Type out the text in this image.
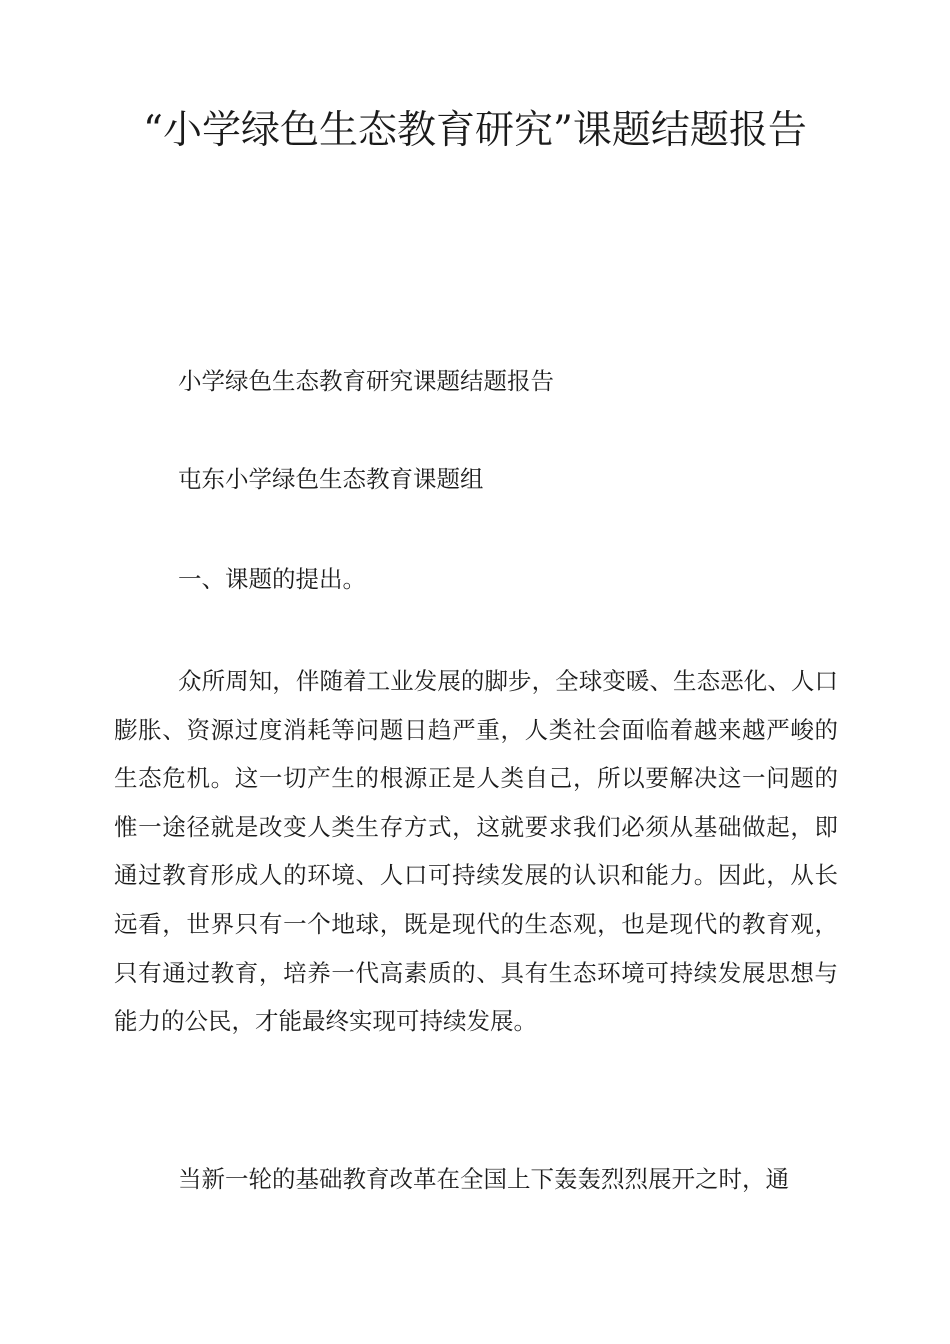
“小学绿色生态教育研究”课题结题报告

小学绿色生态教育研究课题结题报告

屯东小学绿色生态教育课题组

一、课题的提出。

众所周知，伴随着工业发展的脚步，全球变暖、生态恶化、人口膨胀、资源过度消耗等问题日趋严重，人类社会面临着越来越严峻的生态危机。这一切产生的根源正是人类自己，所以要解决这一问题的惟一途径就是改变人类生存方式，这就要求我们必须从基础做起，即通过教育形成人的环境、人口可持续发展的认识和能力。因此，从长远看，世界只有一个地球，既是现代的生态观，也是现代的教育观，只有通过教育，培养一代高素质的、具有生态环境可持续发展思想与能力的公民，才能最终实现可持续发展。

当新一轮的基础教育改革在全国上下轰轰烈烈展开之时，通
